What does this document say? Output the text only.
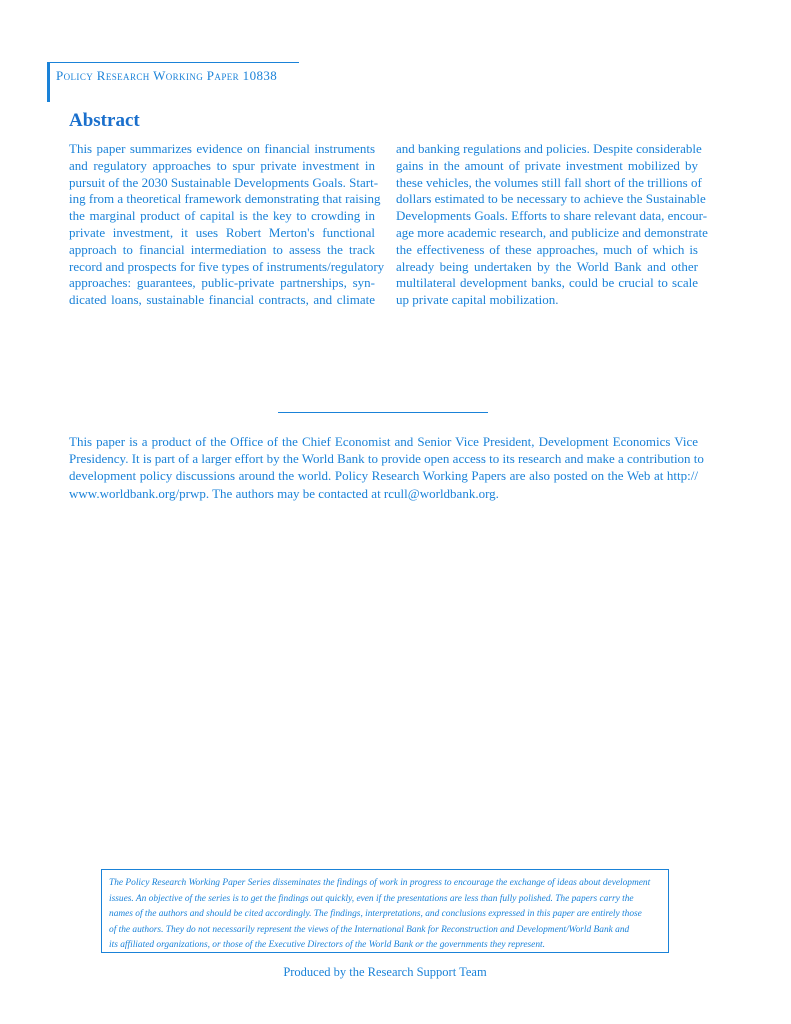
Policy Research Working Paper 10838
Abstract
This paper summarizes evidence on financial instruments
and regulatory approaches to spur private investment in
pursuit of the 2030 Sustainable Developments Goals. Start-
ing from a theoretical framework demonstrating that raising
the marginal product of capital is the key to crowding in
private investment, it uses Robert Merton's functional
approach to financial intermediation to assess the track
record and prospects for five types of instruments/regulatory
approaches: guarantees, public-private partnerships, syn-
dicated loans, sustainable financial contracts, and climate
and banking regulations and policies. Despite considerable
gains in the amount of private investment mobilized by
these vehicles, the volumes still fall short of the trillions of
dollars estimated to be necessary to achieve the Sustainable
Developments Goals. Efforts to share relevant data, encour-
age more academic research, and publicize and demonstrate
the effectiveness of these approaches, much of which is
already being undertaken by the World Bank and other
multilateral development banks, could be crucial to scale
up private capital mobilization.
This paper is a product of the Office of the Chief Economist and Senior Vice President, Development Economics Vice
Presidency. It is part of a larger effort by the World Bank to provide open access to its research and make a contribution to
development policy discussions around the world. Policy Research Working Papers are also posted on the Web at http://
www.worldbank.org/prwp. The authors may be contacted at rcull@worldbank.org.
The Policy Research Working Paper Series disseminates the findings of work in progress to encourage the exchange of ideas about development
issues. An objective of the series is to get the findings out quickly, even if the presentations are less than fully polished. The papers carry the
names of the authors and should be cited accordingly. The findings, interpretations, and conclusions expressed in this paper are entirely those
of the authors. They do not necessarily represent the views of the International Bank for Reconstruction and Development/World Bank and
its affiliated organizations, or those of the Executive Directors of the World Bank or the governments they represent.
Produced by the Research Support Team
